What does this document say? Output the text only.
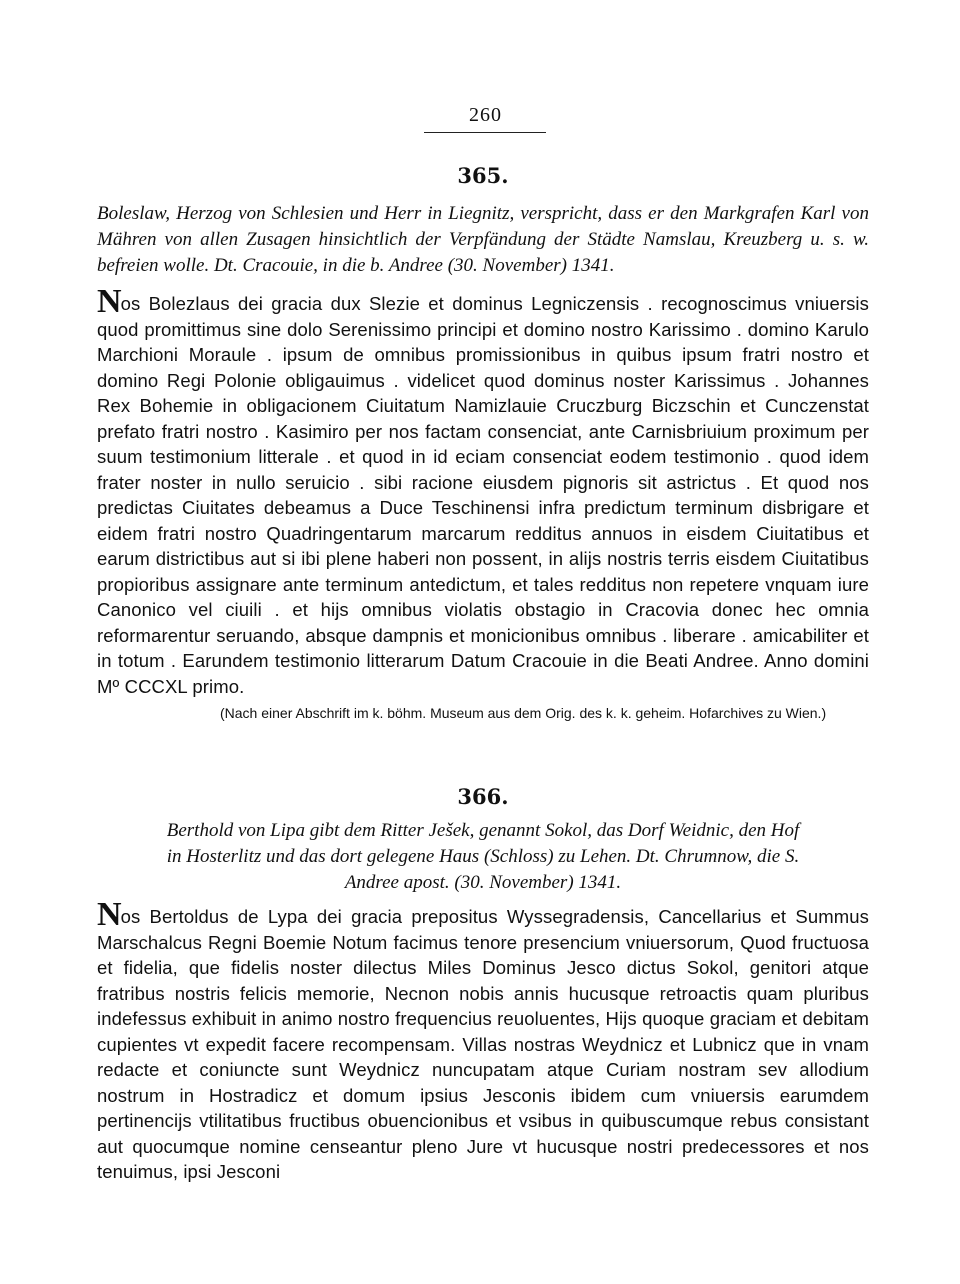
260
365.
Boleslaw, Herzog von Schlesien und Herr in Liegnitz, verspricht, dass er den Markgrafen Karl von Mähren von allen Zusagen hinsichtlich der Verpfändung der Städte Namslau, Kreuzberg u. s. w. befreien wolle. Dt. Cracouie, in die b. Andree (30. November) 1341.
Nos Bolezlaus dei gracia dux Slezie et dominus Legniczensis . recognoscimus vniuersis quod promittimus sine dolo Serenissimo principi et domino nostro Karissimo . domino Karulo Marchioni Moraule . ipsum de omnibus promissionibus in quibus ipsum fratri nostro et domino Regi Polonie obligauimus . videlicet quod dominus noster Karissimus . Johannes Rex Bohemie in obligacionem Ciuitatum Namizlauie Cruczburg Biczschin et Cunczenstat prefato fratri nostro . Kasimiro per nos factam consenciat, ante Carnisbriuium proximum per suum testimonium litterale . et quod in id eciam consenciat eodem testimonio . quod idem frater noster in nullo seruicio . sibi racione eiusdem pignoris sit astrictus . Et quod nos predictas Ciuitates debeamus a Duce Teschinensi infra predictum terminum disbrigare et eidem fratri nostro Quadringentarum marcarum redditus annuos in eisdem Ciuitatibus et earum districtibus aut si ibi plene haberi non possent, in alijs nostris terris eisdem Ciuitatibus propioribus assignare ante terminum antedictum, et tales redditus non repetere vnquam iure Canonico vel ciuili . et hijs omnibus violatis obstagio in Cracovia donec hec omnia reformarentur seruando, absque dampnis et monicionibus omnibus . liberare . amicabiliter et in totum . Earundem testimonio litterarum Datum Cracouie in die Beati Andree. Anno domini Mº CCCXL primo.
(Nach einer Abschrift im k. böhm. Museum aus dem Orig. des k. k. geheim. Hofarchives zu Wien.)
366.
Berthold von Lipa gibt dem Ritter Ješek, genannt Sokol, das Dorf Weidnic, den Hof
in Hosterlitz und das dort gelegene Haus (Schloss) zu Lehen. Dt. Chrumnow, die S.
Andree apost. (30. November) 1341.
Nos Bertoldus de Lypa dei gracia prepositus Wyssegradensis, Cancellarius et Summus Marschalcus Regni Boemie Notum facimus tenore presencium vniuersorum, Quod fructuosa et fidelia, que fidelis noster dilectus Miles Dominus Jesco dictus Sokol, genitori atque fratribus nostris felicis memorie, Necnon nobis annis hucusque retroactis quam pluribus indefessus exhibuit in animo nostro frequencius reuoluentes, Hijs quoque graciam et debitam cupientes vt expedit facere recompensam. Villas nostras Weydnicz et Lubnicz que in vnam redacte et coniuncte sunt Weydnicz nuncupatam atque Curiam nostram sev allodium nostrum in Hostradicz et domum ipsius Jesconis ibidem cum vniuersis earumdem pertinencijs vtilitatibus fructibus obuencionibus et vsibus in quibuscumque rebus consistant aut quocumque nomine censeantur pleno Jure vt hucusque nostri predecessores et nos tenuimus, ipsi Jesconi
